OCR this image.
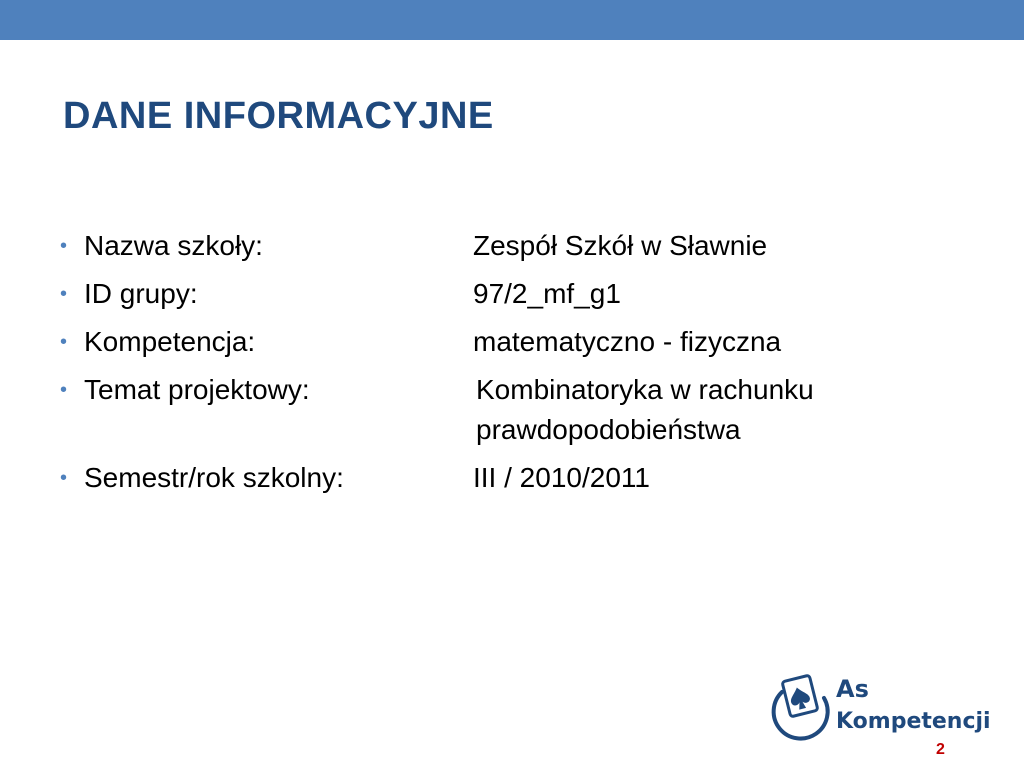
DANE INFORMACYJNE
• Nazwa szkoły:	Zespół Szkół w Sławnie
• ID grupy:	97/2_mf_g1
• Kompetencja:	matematyczno - fizyczna
• Temat projektowy:	Kombinatoryka w rachunku
prawdopodobieństwa
• Semestr/rok szkolny:	III / 2010/2011
As
Kompetencji
2
